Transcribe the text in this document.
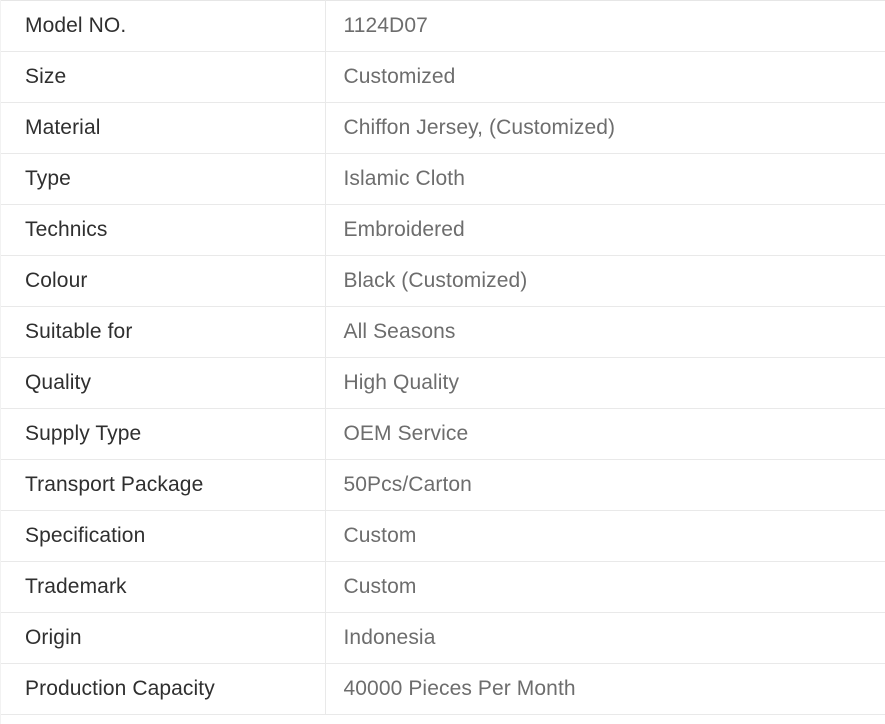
Model NO.	1124D07
Size	Customized
Material	Chiffon Jersey, (Customized)
Type	Islamic Cloth
Technics	Embroidered
Colour	Black (Customized)
Suitable for	All Seasons
Quality	High Quality
Supply Type	OEM Service
Transport Package	50Pcs/Carton
Specification	Custom
Trademark	Custom
Origin	Indonesia
Production Capacity	40000 Pieces Per Month
